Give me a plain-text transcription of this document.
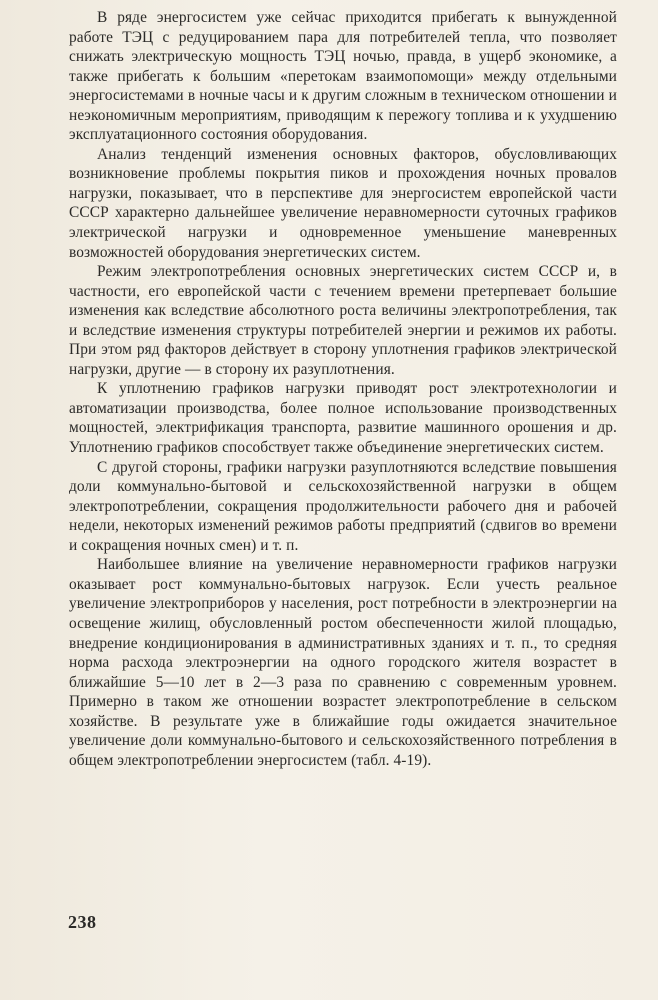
В ряде энергосистем уже сейчас приходится прибегать к вынужденной работе ТЭЦ с редуцированием пара для потребителей тепла, что позволяет снижать электрическую мощность ТЭЦ ночью, правда, в ущерб экономике, а также прибегать к большим «перетокам взаимопомощи» между отдельными энергосистемами в ночные часы и к другим сложным в техническом отношении и неэкономичным мероприятиям, приводящим к пережогу топлива и к ухудшению эксплуатационного состояния оборудования.

Анализ тенденций изменения основных факторов, обусловливающих возникновение проблемы покрытия пиков и прохождения ночных провалов нагрузки, показывает, что в перспективе для энергосистем европейской части СССР характерно дальнейшее увеличение неравномерности суточных графиков электрической нагрузки и одновременное уменьшение маневренных возможностей оборудования энергетических систем.

Режим электропотребления основных энергетических систем СССР и, в частности, его европейской части с течением времени претерпевает большие изменения как вследствие абсолютного роста величины электропотребления, так и вследствие изменения структуры потребителей энергии и режимов их работы. При этом ряд факторов действует в сторону уплотнения графиков электрической нагрузки, другие — в сторону их разуплотнения.

К уплотнению графиков нагрузки приводят рост электротехнологии и автоматизации производства, более полное использование производственных мощностей, электрификация транспорта, развитие машинного орошения и др. Уплотнению графиков способствует также объединение энергетических систем.

С другой стороны, графики нагрузки разуплотняются вследствие повышения доли коммунально-бытовой и сельскохозяйственной нагрузки в общем электропотреблении, сокращения продолжительности рабочего дня и рабочей недели, некоторых изменений режимов работы предприятий (сдвигов во времени и сокращения ночных смен) и т. п.

Наибольшее влияние на увеличение неравномерности графиков нагрузки оказывает рост коммунально-бытовых нагрузок. Если учесть реальное увеличение электроприборов у населения, рост потребности в электроэнергии на освещение жилищ, обусловленный ростом обеспеченности жилой площадью, внедрение кондиционирования в административных зданиях и т. п., то средняя норма расхода электроэнергии на одного городского жителя возрастет в ближайшие 5—10 лет в 2—3 раза по сравнению с современным уровнем. Примерно в таком же отношении возрастет электропотребление в сельском хозяйстве. В результате уже в ближайшие годы ожидается значительное увеличение доли коммунально-бытового и сельскохозяйственного потребления в общем электропотреблении энергосистем (табл. 4-19).

238
